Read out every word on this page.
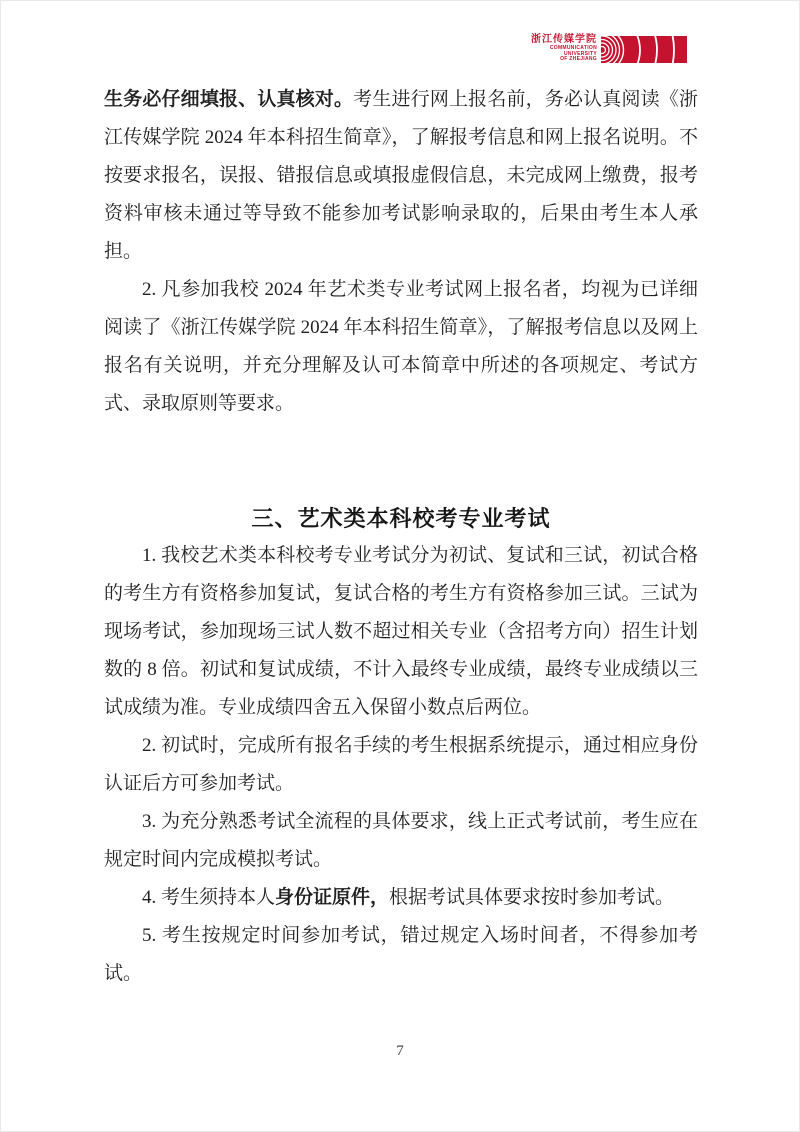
浙江传媒学院
COMMUNICATION
UNIVERSITY
OF ZHEJIANG

生务必仔细填报、认真核对。考生进行网上报名前，务必认真阅读《浙江传媒学院 2024 年本科招生简章》，了解报考信息和网上报名说明。不按要求报名，误报、错报信息或填报虚假信息，未完成网上缴费，报考资料审核未通过等导致不能参加考试影响录取的，后果由考生本人承担。

2. 凡参加我校 2024 年艺术类专业考试网上报名者，均视为已详细阅读了《浙江传媒学院 2024 年本科招生简章》，了解报考信息以及网上报名有关说明，并充分理解及认可本简章中所述的各项规定、考试方式、录取原则等要求。

三、艺术类本科校考专业考试

1. 我校艺术类本科校考专业考试分为初试、复试和三试，初试合格的考生方有资格参加复试，复试合格的考生方有资格参加三试。三试为现场考试，参加现场三试人数不超过相关专业（含招考方向）招生计划数的 8 倍。初试和复试成绩，不计入最终专业成绩，最终专业成绩以三试成绩为准。专业成绩四舍五入保留小数点后两位。

2. 初试时，完成所有报名手续的考生根据系统提示，通过相应身份认证后方可参加考试。

3. 为充分熟悉考试全流程的具体要求，线上正式考试前，考生应在规定时间内完成模拟考试。

4. 考生须持本人身份证原件，根据考试具体要求按时参加考试。

5. 考生按规定时间参加考试，错过规定入场时间者，不得参加考试。

7
